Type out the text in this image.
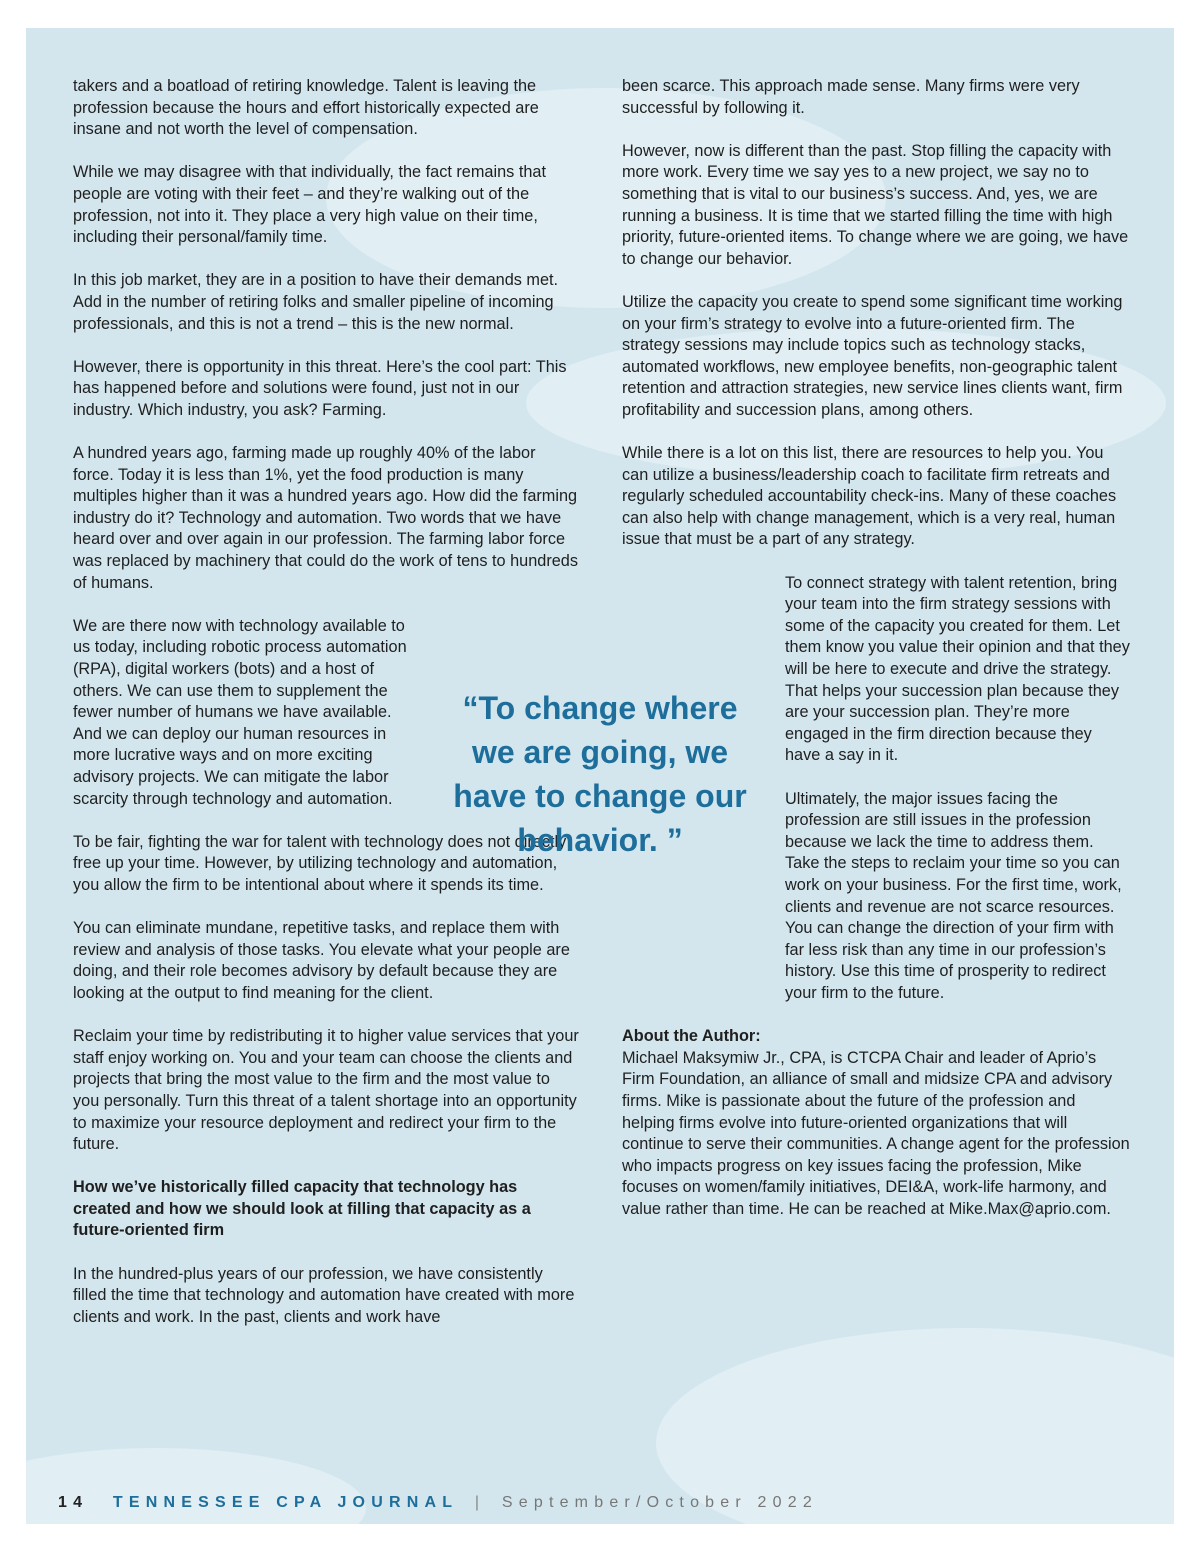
takers and a boatload of retiring knowledge. Talent is leaving the profession because the hours and effort historically expected are insane and not worth the level of compensation.

While we may disagree with that individually, the fact remains that people are voting with their feet – and they’re walking out of the profession, not into it. They place a very high value on their time, including their personal/family time.

In this job market, they are in a position to have their demands met. Add in the number of retiring folks and smaller pipeline of incoming professionals, and this is not a trend – this is the new normal.

However, there is opportunity in this threat. Here’s the cool part: This has happened before and solutions were found, just not in our industry. Which industry, you ask? Farming.

A hundred years ago, farming made up roughly 40% of the labor force. Today it is less than 1%, yet the food production is many multiples higher than it was a hundred years ago. How did the farming industry do it? Technology and automation. Two words that we have heard over and over again in our profession. The farming labor force was replaced by machinery that could do the work of tens to hundreds of humans.

We are there now with technology available to us today, including robotic process automation (RPA), digital workers (bots) and a host of others. We can use them to supplement the fewer number of humans we have available. And we can deploy our human resources in more lucrative ways and on more exciting advisory projects. We can mitigate the labor scarcity through technology and automation.

To be fair, fighting the war for talent with technology does not directly free up your time. However, by utilizing technology and automation, you allow the firm to be intentional about where it spends its time.

You can eliminate mundane, repetitive tasks, and replace them with review and analysis of those tasks. You elevate what your people are doing, and their role becomes advisory by default because they are looking at the output to find meaning for the client.

Reclaim your time by redistributing it to higher value services that your staff enjoy working on. You and your team can choose the clients and projects that bring the most value to the firm and the most value to you personally. Turn this threat of a talent shortage into an opportunity to maximize your resource deployment and redirect your firm to the future.

How we’ve historically filled capacity that technology has created and how we should look at filling that capacity as a future-oriented firm

In the hundred-plus years of our profession, we have consistently filled the time that technology and automation have created with more clients and work. In the past, clients and work have

been scarce. This approach made sense. Many firms were very successful by following it.

However, now is different than the past. Stop filling the capacity with more work. Every time we say yes to a new project, we say no to something that is vital to our business’s success. And, yes, we are running a business. It is time that we started filling the time with high priority, future-oriented items. To change where we are going, we have to change our behavior.

Utilize the capacity you create to spend some significant time working on your firm’s strategy to evolve into a future-oriented firm. The strategy sessions may include topics such as technology stacks, automated workflows, new employee benefits, non-geographic talent retention and attraction strategies, new service lines clients want, firm profitability and succession plans, among others.

While there is a lot on this list, there are resources to help you. You can utilize a business/leadership coach to facilitate firm retreats and regularly scheduled accountability check-ins. Many of these coaches can also help with change management, which is a very real, human issue that must be a part of any strategy.

To connect strategy with talent retention, bring your team into the firm strategy sessions with some of the capacity you created for them. Let them know you value their opinion and that they will be here to execute and drive the strategy. That helps your succession plan because they are your succession plan. They’re more engaged in the firm direction because they have a say in it.

Ultimately, the major issues facing the profession are still issues in the profession because we lack the time to address them. Take the steps to reclaim your time so you can work on your business. For the first time, work, clients and revenue are not scarce resources. You can change the direction of your firm with far less risk than any time in our profession’s history. Use this time of prosperity to redirect your firm to the future.

About the Author:
Michael Maksymiw Jr., CPA, is CTCPA Chair and leader of Aprio’s Firm Foundation, an alliance of small and midsize CPA and advisory firms. Mike is passionate about the future of the profession and helping firms evolve into future-oriented organizations that will continue to serve their communities. A change agent for the profession who impacts progress on key issues facing the profession, Mike focuses on women/family initiatives, DEI&A, work-life harmony, and value rather than time. He can be reached at Mike.Max@aprio.com.

“To change where we are going, we have to change our behavior. ”
14 TENNESSEE CPA JOURNAL | September/October 2022
